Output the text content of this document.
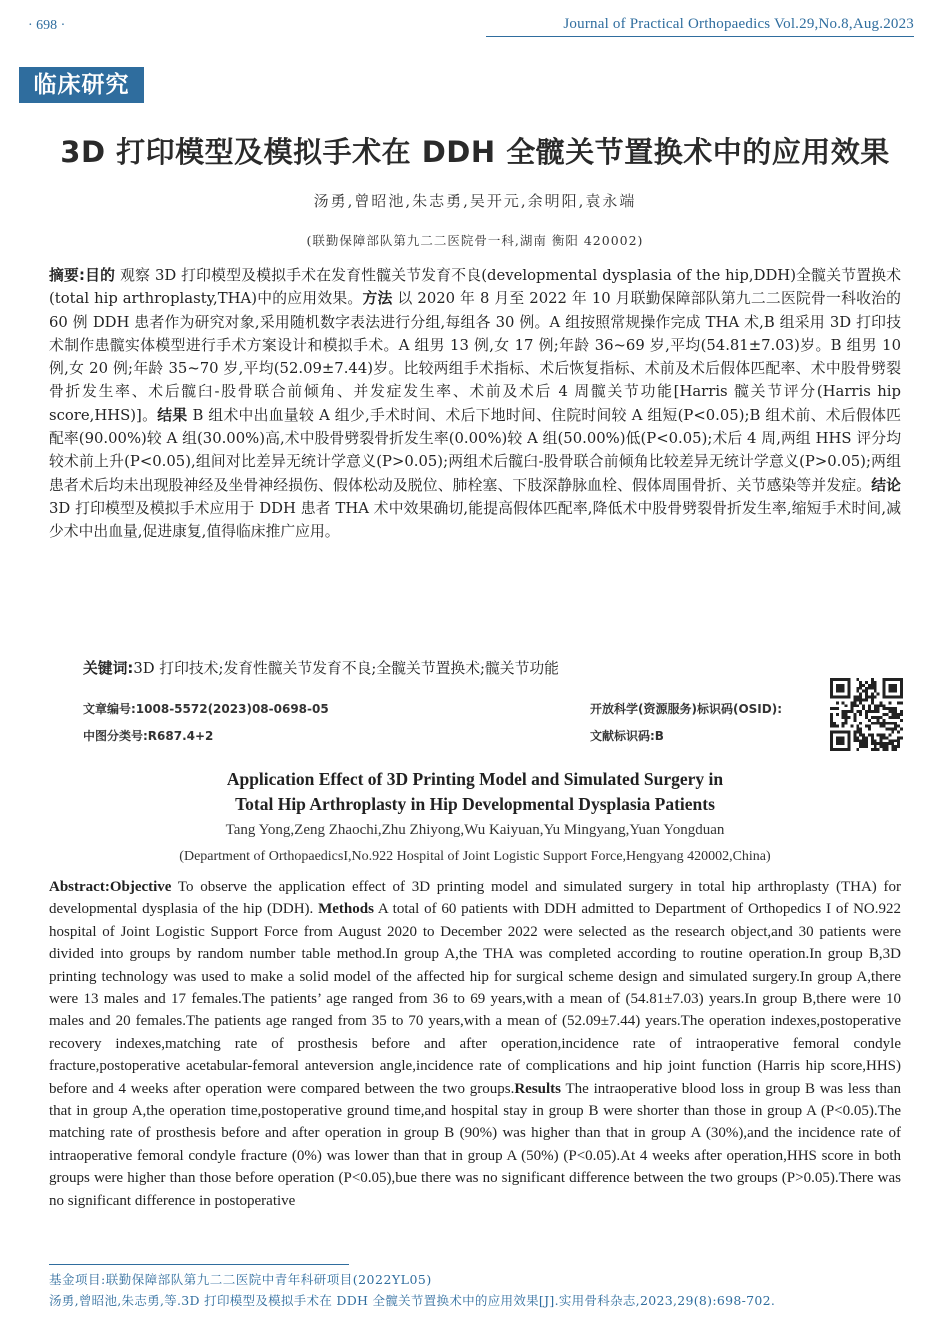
· 698 ·	Journal of Practical Orthopaedics Vol.29,No.8,Aug.2023
临床研究
3D 打印模型及模拟手术在 DDH 全髋关节置换术中的应用效果
汤勇,曾昭池,朱志勇,吴开元,余明阳,袁永端
(联勤保障部队第九二二医院骨一科,湖南 衡阳 420002)

摘要:目的 观察 3D 打印模型及模拟手术在发育性髋关节发育不良(developmental dysplasia of the hip,DDH)全髋关节置换术(total hip arthroplasty,THA)中的应用效果。方法 以 2020 年 8 月至 2022 年 10 月联勤保障部队第九二二医院骨一科收治的 60 例 DDH 患者作为研究对象,采用随机数字表法进行分组,每组各 30 例。A 组按照常规操作完成 THA 术,B 组采用 3D 打印技术制作患髋实体模型进行手术方案设计和模拟手术。A 组男 13 例,女 17 例;年龄 36~69 岁,平均(54.81±7.03)岁。B 组男 10 例,女 20 例;年龄 35~70 岁,平均(52.09±7.44)岁。比较两组手术指标、术后恢复指标、术前及术后假体匹配率、术中股骨劈裂骨折发生率、术后髋臼-股骨联合前倾角、并发症发生率、术前及术后 4 周髋关节功能[Harris 髋关节评分(Harris hip score,HHS)]。结果 B 组术中出血量较 A 组少,手术时间、术后下地时间、住院时间较 A 组短(P<0.05);B 组术前、术后假体匹配率(90.00%)较 A 组(30.00%)高,术中股骨劈裂骨折发生率(0.00%)较 A 组(50.00%)低(P<0.05);术后 4 周,两组 HHS 评分均较术前上升(P<0.05),组间对比差异无统计学意义(P>0.05);两组术后髋臼-股骨联合前倾角比较差异无统计学意义(P>0.05);两组患者术后均未出现股神经及坐骨神经损伤、假体松动及脱位、肺栓塞、下肢深静脉血栓、假体周围骨折、关节感染等并发症。结论 3D 打印模型及模拟手术应用于 DDH 患者 THA 术中效果确切,能提高假体匹配率,降低术中股骨劈裂骨折发生率,缩短手术时间,减少术中出血量,促进康复,值得临床推广应用。

关键词:3D 打印技术;发育性髋关节发育不良;全髋关节置换术;髋关节功能
文章编号:1008-5572(2023)08-0698-05
中图分类号:R687.4+2
开放科学(资源服务)标识码(OSID):
文献标识码:B
Application Effect of 3D Printing Model and Simulated Surgery in
Total Hip Arthroplasty in Hip Developmental Dysplasia Patients
Tang Yong,Zeng Zhaochi,Zhu Zhiyong,Wu Kaiyuan,Yu Mingyang,Yuan Yongduan
(Department of OrthopaedicsI,No.922 Hospital of Joint Logistic Support Force,Hengyang 420002,China)

Abstract:Objective To observe the application effect of 3D printing model and simulated surgery in total hip arthroplasty (THA) for developmental dysplasia of the hip (DDH). Methods A total of 60 patients with DDH admitted to Department of Orthopedics I of NO.922 hospital of Joint Logistic Support Force from August 2020 to December 2022 were selected as the research object,and 30 patients were divided into groups by random number table method.In group A,the THA was completed according to routine operation.In group B,3D printing technology was used to make a solid model of the affected hip for surgical scheme design and simulated surgery.In group A,there were 13 males and 17 females.The patients’ age ranged from 36 to 69 years,with a mean of (54.81±7.03) years.In group B,there were 10 males and 20 females.The patients age ranged from 35 to 70 years,with a mean of (52.09±7.44) years.The operation indexes,postoperative recovery indexes,matching rate of prosthesis before and after operation,incidence rate of intraoperative femoral condyle fracture,postoperative acetabular-femoral anteversion angle,incidence rate of complications and hip joint function (Harris hip score,HHS) before and 4 weeks after operation were compared between the two groups.Results The intraoperative blood loss in group B was less than that in group A,the operation time,postoperative ground time,and hospital stay in group B were shorter than those in group A (P<0.05).The matching rate of prosthesis before and after operation in group B (90%) was higher than that in group A (30%),and the incidence rate of intraoperative femoral condyle fracture (0%) was lower than that in group A (50%) (P<0.05).At 4 weeks after operation,HHS score in both groups were higher than those before operation (P<0.05),bue there was no significant difference between the two groups (P>0.05).There was no significant difference in postoperative

基金项目:联勤保障部队第九二二医院中青年科研项目(2022YL05)
汤勇,曾昭池,朱志勇,等.3D 打印模型及模拟手术在 DDH 全髋关节置换术中的应用效果[J].实用骨科杂志,2023,29(8):698-702.
